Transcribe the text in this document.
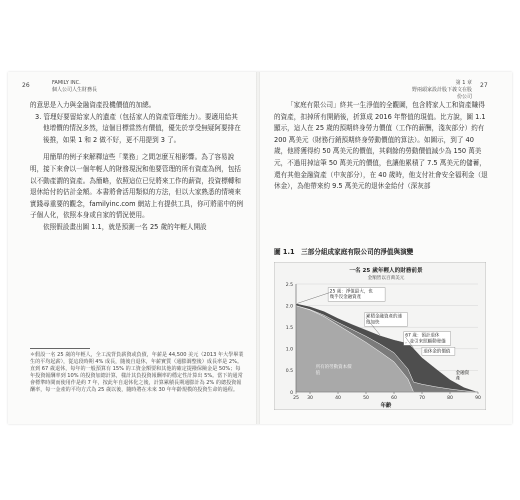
26	FAMILY INC.
個人公司人生財務長
第 1 章
野兩頭家設計股下義文在股份公司
27

的意思是入力與金融資產投機價值的加總。

3. 管理好要留給家人的遺產（包括家人的資產管理能力）。要適用給其他增價的情況多然，這個目標當然有價值，優先於享受無疑阿要排在後推，如果 1 和 2 做不好，更不用提到 3 了。

用簡單的例子來解釋這些「業務」之間怎麼互相影響。為了容易說明，接下來會以一個年輕人的財務現況和他要管理的所有資產為例，包括以不動產謂的資產。為簡略，依照這位已兒將來工作的薪資，投資標轉和退休給付的估計金額。本書將會活用類似的方法，但以大家熟悉的情境來實踐尋重要的觀念，familyinc.com 網站上有提供工具，你可將需中的例子個人化，依照本身或自家的情況使用。

依照假設畫出圖 1.1，就是預測一名 25 歲的年輕人開設

＊假設一名 25 歲的年輕人，全工流背負薪資或負債，年薪是 44,500 美元（2013 年大學畢業生的平均起薪），從這段時期 4% 成長，隨後自退休，年薪實質（通膨調整後）成長率是 2%。直到 67 歲退休，每年的一般預算有 15% 的工資金額要和其他的確定提撥保險金是 50%；每年投資報酬率到 10% 的投資加總計算，樣計其負投資報酬率的穩定性計算出 5%。當下的通常會標準時間而使用作是約 7 年，按此年自退休化之後，計算累積長期通膨計為 2% 的總投資報酬率，每一金產的平均方式為 25 歲以後，隨時將在未來 30 年年齡規模的投資生命的過程。

「家庭有限公司」終其一生淨值的全觀圖，包含將家人工和資產賺得的資產，扣掉所有開銷後，折算成 2016 年幣值的現值。比方說，圖 1.1 顯示，這人在 25 歲的預期終身勞力價值（工作的薪酬，淺灰部分）約有 200 萬美元（財務行銷預期終身勞動價值的算法）。如圖示，到了 40 歲，他將獲得約 50 萬美元的價值，其剩餘的勞動價值減少為 150 萬美元，不過用掉這筆 50 萬美元的價值，也讓他累積了 7.5 萬美元的儲蓄，還有其他金融資產（中灰部分），在 40 歲時，他支付社會安全福利金（退休金），為他帶來約 9.5 萬美元的退休金給付（深灰部

圖 1.1　三部分組成家庭有限公司的淨值與演變
0
0.5
1.0
1.5
2.0
2.5
25 30	40	50	60	70	80	90
25 歲：淨值最大，也
幾乎沒金融資產
累積金融資產的速
度加快
67 歲：預計退休
，並引來照顧動發儀
退休金的價值
所有的勞動資本價
值	金融資
產
一名 25 歲年輕人的財務前景
金額皆以百萬美元
年齡
